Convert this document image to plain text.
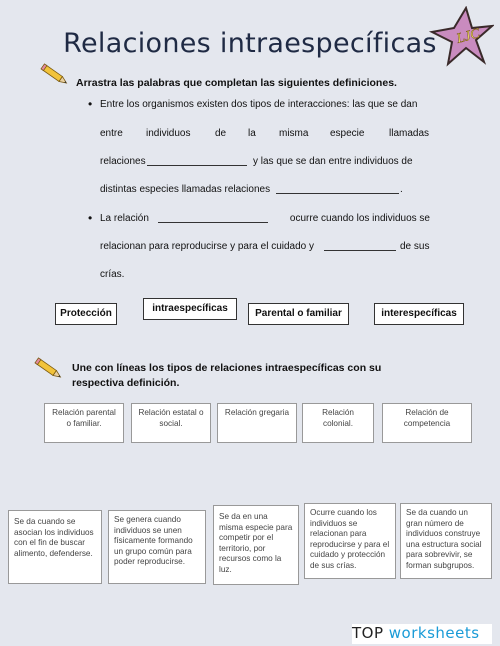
Relaciones intraespecíficas	LJC
Arrastra las palabras que completan las siguientes definiciones.
• Entre los organismos existen dos tipos de interacciones: las que se dan
entre individuos de la misma especie llamadas
relaciones	y las que se dan entre individuos de
distintas especies llamadas relaciones	.
• La relación	ocurre cuando los individuos se
relacionan para reproducirse y para el cuidado y	de sus
crías.
Protección	intraespecíficas	Parental o familiar	interespecíficas
Une con líneas los tipos de relaciones intraespecíficas con su respectiva definición.
Relación parental o familiar.
Relación estatal o social.
Relación gregaria	Relación colonial.
Relación de competencia
Se da cuando se asocian los individuos con el fin de buscar alimento, defenderse.
Se genera cuando individuos se unen físicamente formando un grupo común para poder reproducirse.
Se da en una misma especie para competir por el territorio, por recursos como la luz.
Ocurre cuando los individuos se relacionan para reproducirse y para el cuidado y protección de sus crías.
Se da cuando un gran número de individuos construye una estructura social para sobrevivir, se forman subgrupos.
TOP worksheets
